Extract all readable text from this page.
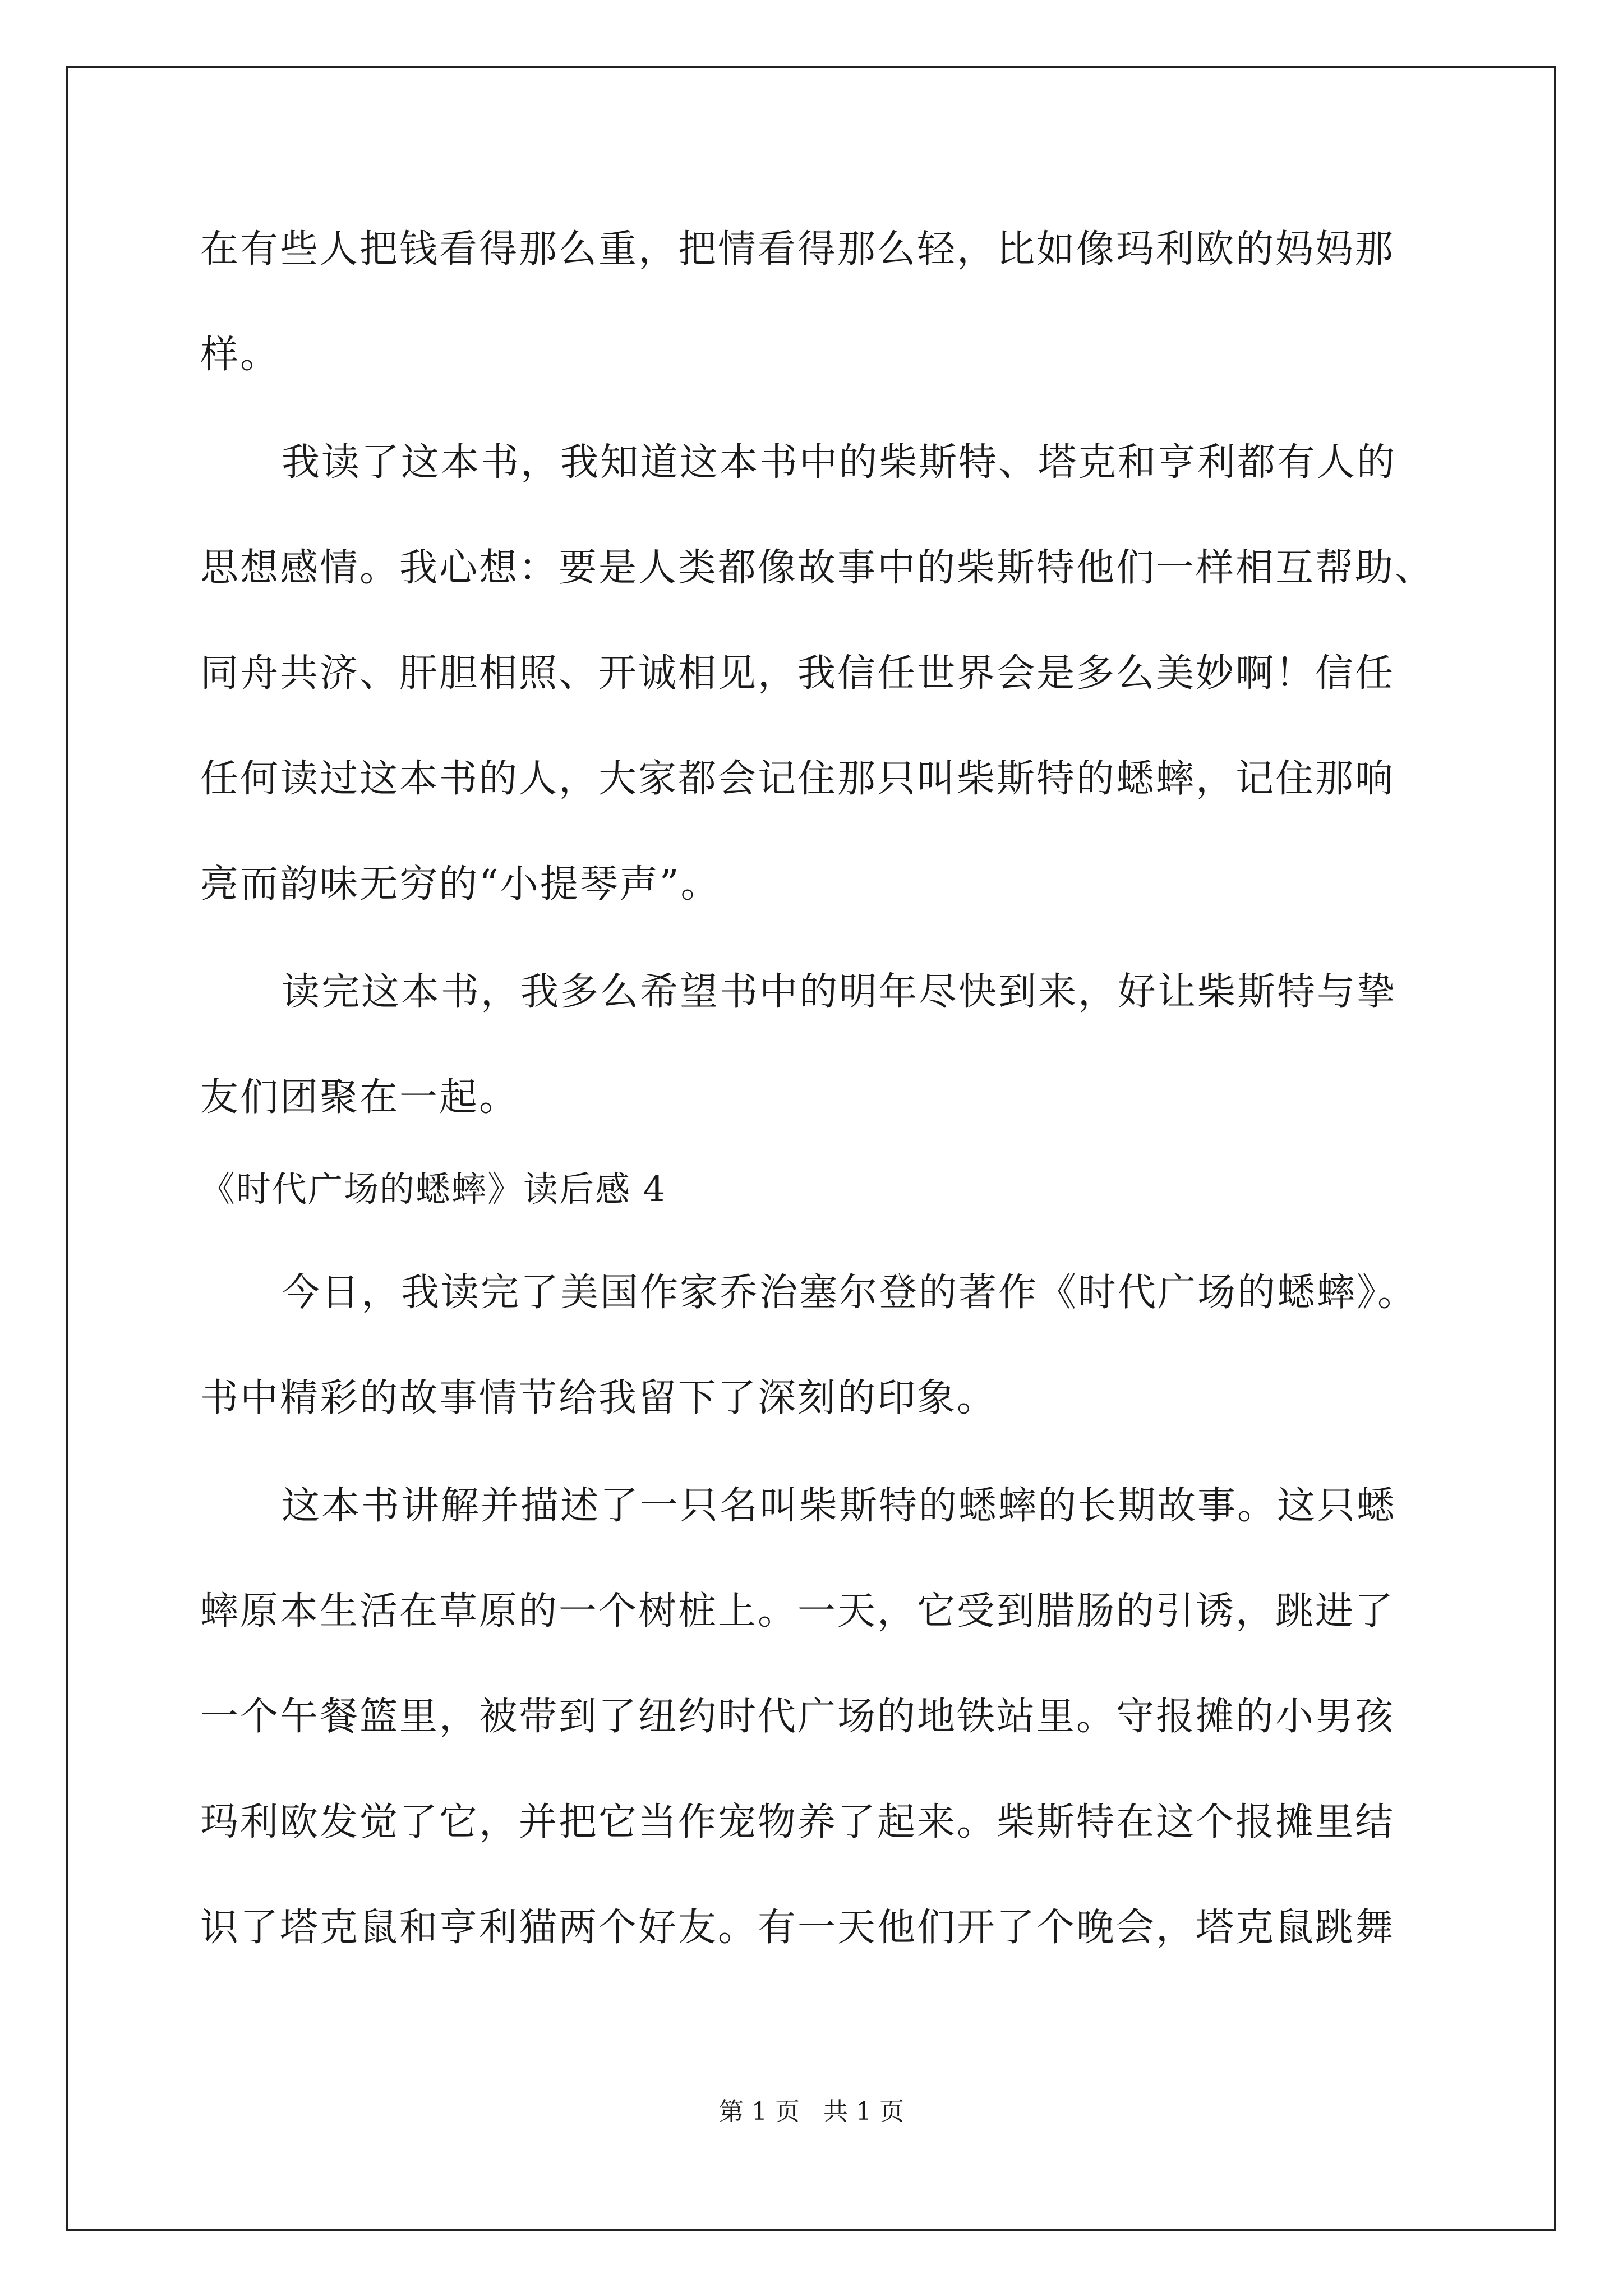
在有些人把钱看得那么重，把情看得那么轻，比如像玛利欧的妈妈那
样。
我读了这本书，我知道这本书中的柴斯特、塔克和亨利都有人的
思想感情。我心想：要是人类都像故事中的柴斯特他们一样相互帮助、
同舟共济、肝胆相照、开诚相见，我信任世界会是多么美妙啊！信任
任何读过这本书的人，大家都会记住那只叫柴斯特的蟋蟀，记住那响
亮而韵味无穷的“小提琴声”。
读完这本书，我多么希望书中的明年尽快到来，好让柴斯特与挚
友们团聚在一起。
《时代广场的蟋蟀》读后感 4
今日，我读完了美国作家乔治塞尔登的著作《时代广场的蟋蟀》。
书中精彩的故事情节给我留下了深刻的印象。
这本书讲解并描述了一只名叫柴斯特的蟋蟀的长期故事。这只蟋
蟀原本生活在草原的一个树桩上。一天，它受到腊肠的引诱，跳进了
一个午餐篮里，被带到了纽约时代广场的地铁站里。守报摊的小男孩
玛利欧发觉了它，并把它当作宠物养了起来。柴斯特在这个报摊里结
识了塔克鼠和亨利猫两个好友。有一天他们开了个晚会，塔克鼠跳舞
第 1 页   共 1 页
